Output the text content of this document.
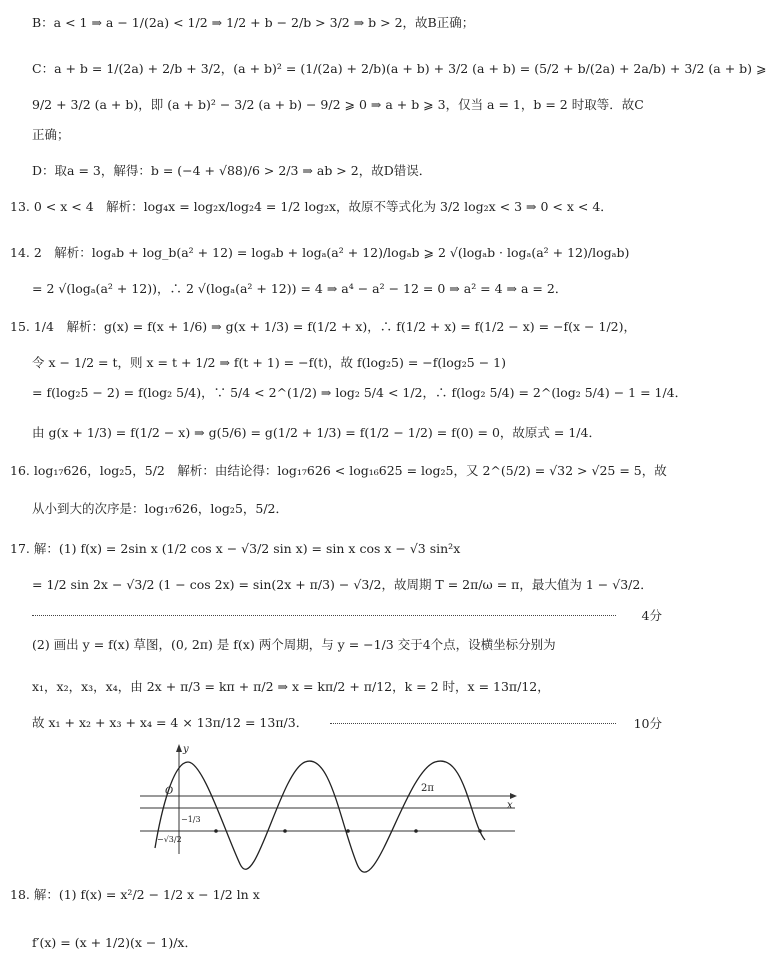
B：a < 1 ⇒ a − 1/(2a) < 1/2 ⇒ 1/2 + b − 2/b > 3/2 ⇒ b > 2，故B正确；
C：a + b = 1/(2a) + 2/b + 3/2，(a + b)² = (1/(2a) + 2/b)(a + b) + 3/2 (a + b) = (5/2 + b/(2a) + 2a/b) + 3/2 (a + b) ⩾
9/2 + 3/2 (a + b)，即 (a + b)² − 3/2 (a + b) − 9/2 ⩾ 0 ⇒ a + b ⩾ 3，仅当 a = 1，b = 2 时取等．故C
正确；
D：取a = 3，解得：b = (−4 + √88)/6 > 2/3 ⇒ ab > 2，故D错误．
13. 0 < x < 4　解析：log₄x = log₂x/log₂4 = 1/2 log₂x，故原不等式化为 3/2 log₂x < 3 ⇒ 0 < x < 4．
14. 2　解析：logₐb + log_b(a² + 12) = logₐb + logₐ(a² + 12)/logₐb ⩾ 2 √(logₐb · logₐ(a² + 12)/logₐb)
= 2 √(logₐ(a² + 12))，∴ 2 √(logₐ(a² + 12)) = 4 ⇒ a⁴ − a² − 12 = 0 ⇒ a² = 4 ⇒ a = 2．
15. 1/4　解析：g(x) = f(x + 1/6) ⇒ g(x + 1/3) = f(1/2 + x)，∴ f(1/2 + x) = f(1/2 − x) = −f(x − 1/2)，
令 x − 1/2 = t，则 x = t + 1/2 ⇒ f(t + 1) = −f(t)，故 f(log₂5) = −f(log₂5 − 1)
= f(log₂5 − 2) = f(log₂ 5/4)，∵ 5/4 < 2^(1/2) ⇒ log₂ 5/4 < 1/2，∴ f(log₂ 5/4) = 2^(log₂ 5/4) − 1 = 1/4．
由 g(x + 1/3) = f(1/2 − x) ⇒ g(5/6) = g(1/2 + 1/3) = f(1/2 − 1/2) = f(0) = 0，故原式 = 1/4．
16. log₁₇626，log₂5，5/2　解析：由结论得：log₁₇626 < log₁₆625 = log₂5，又 2^(5/2) = √32 > √25 = 5，故
从小到大的次序是：log₁₇626，log₂5，5/2．
17. 解：(1) f(x) = 2sin x (1/2 cos x − √3/2 sin x) = sin x cos x − √3 sin²x
= 1/2 sin 2x − √3/2 (1 − cos 2x) = sin(2x + π/3) − √3/2，故周期 T = 2π/ω = π，最大值为 1 − √3/2．
4分
(2) 画出 y = f(x) 草图，(0, 2π) 是 f(x) 两个周期，与 y = −1/3 交于4个点，设横坐标分别为
x₁，x₂，x₃，x₄，由 2x + π/3 = kπ + π/2 ⇒ x = kπ/2 + π/12，k = 2 时，x = 13π/12，
故 x₁ + x₂ + x₃ + x₄ = 4 × 13π/12 = 13π/3．	10分
x
y
O
−1/3
−√3/2
2π
18. 解：(1) f(x) = x²/2 − 1/2 x − 1/2 ln x
f′(x) = (x + 1/2)(x − 1)/x．
